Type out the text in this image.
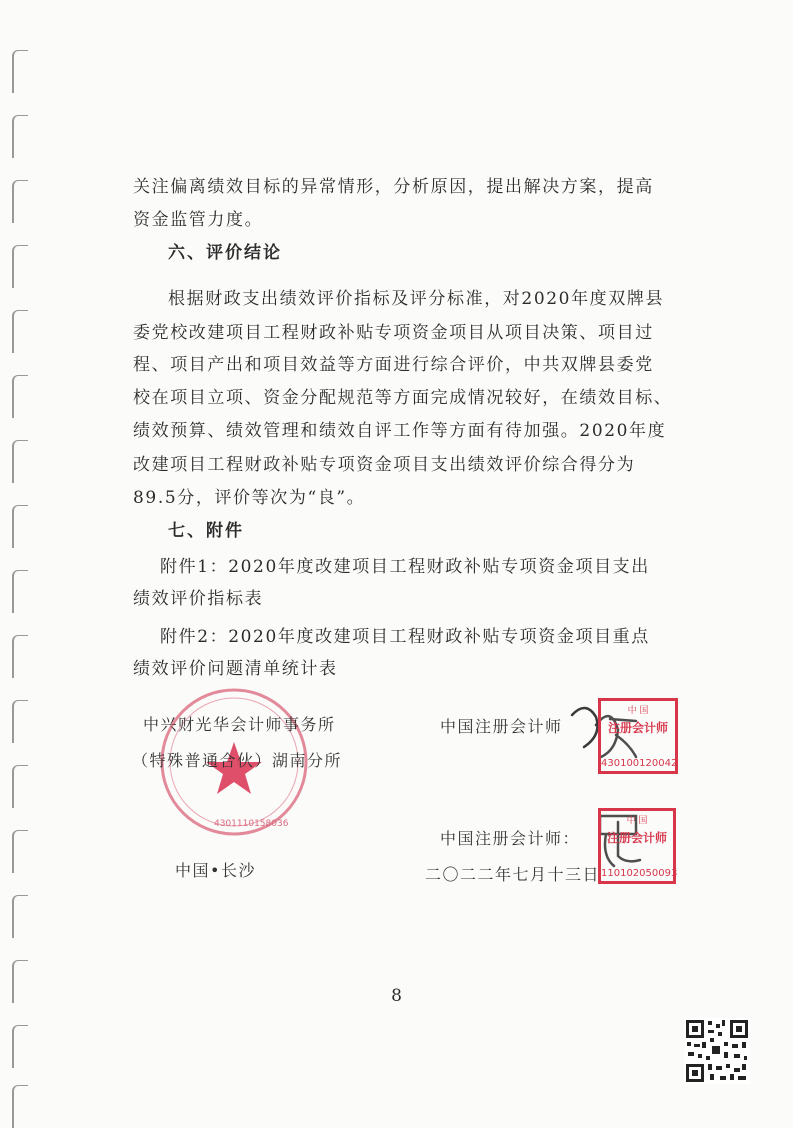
关注偏离绩效目标的异常情形，分析原因，提出解决方案，提高
资金监管力度。
六、评价结论
根据财政支出绩效评价指标及评分标准，对2020年度双牌县
委党校改建项目工程财政补贴专项资金项目从项目决策、项目过
程、项目产出和项目效益等方面进行综合评价，中共双牌县委党
校在项目立项、资金分配规范等方面完成情况较好，在绩效目标、
绩效预算、绩效管理和绩效自评工作等方面有待加强。2020年度
改建项目工程财政补贴专项资金项目支出绩效评价综合得分为
89.5分，评价等次为“良”。
七、附件
附件1：2020年度改建项目工程财政补贴专项资金项目支出
绩效评价指标表
附件2：2020年度改建项目工程财政补贴专项资金项目重点
绩效评价问题清单统计表
4301110158036
中兴财光华会计师事务所
（特殊普通合伙）湖南分所
中国•长沙
中国注册会计师
中 国
注册会计师
430100120042
中国注册会计师：
中 国
注册会计师
110102050093
二〇二二年七月十三日
8
